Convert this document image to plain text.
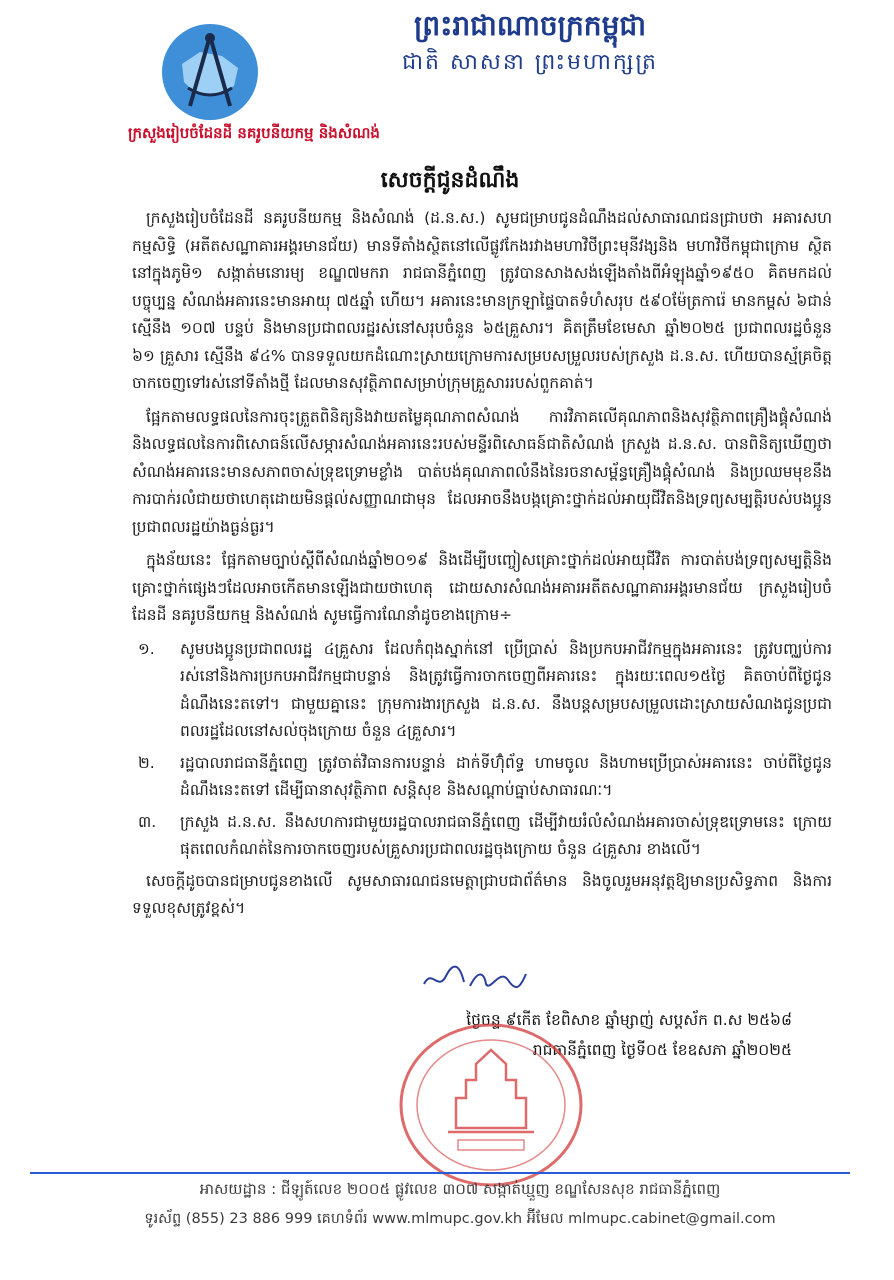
ព្រះរាជាណាចក្រកម្ពុជា
ជាតិ សាសនា ព្រះមហាក្សត្រ
ក្រសួងរៀបចំដែនដី នគរូបនីយកម្ម និងសំណង់
សេចក្ដីជូនដំណឹង

ក្រសួងរៀបចំដែនដី នគរូបនីយកម្ម និងសំណង់ (ដ.ន.ស.) សូមជម្រាបជូនដំណឹងដល់សាធារណជនជ្រាបថា អគារសហកម្មសិទ្ធិ (អតីតសណ្ឋាគារអង្គរមានជ័យ) មានទីតាំងស្ថិតនៅលើផ្លូវកែងរវាងមហាវិថីព្រះមុនីវង្សនិង មហាវិថីកម្ពុជាក្រោម ស្ថិតនៅក្នុងភូមិ១ សង្កាត់មនោរម្យ ខណ្ឌ៧មករា រាជធានីភ្នំពេញ ត្រូវបានសាងសង់ឡើងតាំងពីអំឡុងឆ្នាំ១៩៥០ គិតមកដល់បច្ចុប្បន្ន សំណង់អគារនេះមានអាយុ ៧៥ឆ្នាំ ហើយ។ អគារនេះមានក្រឡាផ្ទៃបាតទំហំសរុប ៥៩០ម៉ែត្រការ៉េ មានកម្ពស់ ៦ជាន់ ស្មើនឹង ១០៧ បន្ទប់ និងមានប្រជាពលរដ្ឋរស់នៅសរុបចំនួន ៦៥គ្រួសារ។ គិតត្រឹមខែមេសា ឆ្នាំ២០២៥ ប្រជាពលរដ្ឋចំនួន ៦១ គ្រួសារ ស្មើនឹង ៩៤% បានទទួលយកដំណោះស្រាយក្រោមការសម្របសម្រួលរបស់ក្រសួង ដ.ន.ស. ហើយបានស្ម័គ្រចិត្តចាកចេញទៅរស់នៅទីតាំងថ្មី ដែលមានសុវត្ថិភាពសម្រាប់ក្រុមគ្រួសាររបស់ពួកគាត់។

ផ្អែកតាមលទ្ធផលនៃការចុះត្រួតពិនិត្យនិងវាយតម្លៃគុណភាពសំណង់ ការវិភាគលើគុណភាពនិងសុវត្ថិភាពគ្រឿងផ្គុំសំណង់ និងលទ្ធផលនៃការពិសោធន៍លើសម្ភារសំណង់អគារនេះរបស់មន្ទីរពិសោធន៍ជាតិសំណង់ ក្រសួង ដ.ន.ស. បានពិនិត្យឃើញថា សំណង់អគារនេះមានសភាពចាស់ទ្រុឌទ្រោមខ្លាំង បាត់បង់គុណភាពលំនឹងនៃរចនាសម្ព័ន្ធគ្រឿងផ្គុំសំណង់ និងប្រឈមមុខនឹងការបាក់រលំជាយថាហេតុដោយមិនផ្ដល់សញ្ញាណជាមុន ដែលអាចនឹងបង្កគ្រោះថ្នាក់ដល់អាយុជីវិតនិងទ្រព្យសម្បត្តិរបស់បងប្អូនប្រជាពលរដ្ឋយ៉ាងធ្ងន់ធ្ងរ។

ក្នុងន័យនេះ ផ្អែកតាមច្បាប់ស្ដីពីសំណង់ឆ្នាំ២០១៩ និងដើម្បីបញ្ចៀសគ្រោះថ្នាក់ដល់អាយុជីវិត ការបាត់បង់ទ្រព្យសម្បត្តិនិងគ្រោះថ្នាក់ផ្សេងៗដែលអាចកើតមានឡើងជាយថាហេតុ ដោយសារសំណង់អគារអតីតសណ្ឋាគារអង្គរមានជ័យ ក្រសួងរៀបចំដែនដី នគរូបនីយកម្ម និងសំណង់ សូមធ្វើការណែនាំដូចខាងក្រោម÷

១.	សូមបងប្អូនប្រជាពលរដ្ឋ ៤គ្រួសារ ដែលកំពុងស្នាក់នៅ ប្រើប្រាស់ និងប្រកបអាជីវកម្មក្នុងអគារនេះ ត្រូវបញ្ឈប់ការរស់នៅនិងការប្រកបអាជីវកម្មជាបន្ទាន់ និងត្រូវធ្វើការចាកចេញពីអគារនេះ ក្នុងរយៈពេល១៥ថ្ងៃ គិតចាប់ពីថ្ងៃជូនដំណឹងនេះតទៅ។ ជាមួយគ្នានេះ ក្រុមការងារក្រសួង ដ.ន.ស. នឹងបន្តសម្របសម្រួលដោះស្រាយសំណងជូនប្រជាពលរដ្ឋដែលនៅសល់ចុងក្រោយ ចំនួន ៤គ្រួសារ។
២.	រដ្ឋបាលរាជធានីភ្នំពេញ ត្រូវចាត់វិធានការបន្ទាន់ ដាក់ទីហ៊ុំព័ទ្ធ ហាមចូល និងហាមប្រើប្រាស់អគារនេះ ចាប់ពីថ្ងៃជូនដំណឹងនេះតទៅ ដើម្បីធានាសុវត្ថិភាព សន្តិសុខ និងសណ្ដាប់ធ្នាប់សាធារណៈ។
៣.	ក្រសួង ដ.ន.ស. នឹងសហការជាមួយរដ្ឋបាលរាជធានីភ្នំពេញ ដើម្បីវាយរំលំសំណង់អគារចាស់ទ្រុឌទ្រោមនេះ ក្រោយផុតពេលកំណត់នៃការចាកចេញរបស់គ្រួសារប្រជាពលរដ្ឋចុងក្រោយ ចំនួន ៤គ្រួសារ ខាងលើ។

សេចក្ដីដូចបានជម្រាបជូនខាងលើ សូមសាធារណជនមេត្តាជ្រាបជាព័ត៌មាន និងចូលរួមអនុវត្តឱ្យមានប្រសិទ្ធភាព និងការទទួលខុសត្រូវខ្ពស់។

ថ្ងៃចន្ទ ៩កើត ខែពិសាខ ឆ្នាំម្សាញ់ សប្តស័ក ព.ស ២៥៦៨
រាជធានីភ្នំពេញ ថ្ងៃទី០៥ ខែឧសភា ឆ្នាំ២០២៥
អាសយដ្ឋាន : ជីឡូត៍លេខ ២០០៥ ផ្លូវលេខ ៣០៧ សង្កាត់ឃ្មួញ ខណ្ឌសែនសុខ រាជធានីភ្នំពេញ
ទូរស័ព្ទ (855) 23 886 999 គេហទំព័រ www.mlmupc.gov.kh អ៊ីមែល mlmupc.cabinet@gmail.com
